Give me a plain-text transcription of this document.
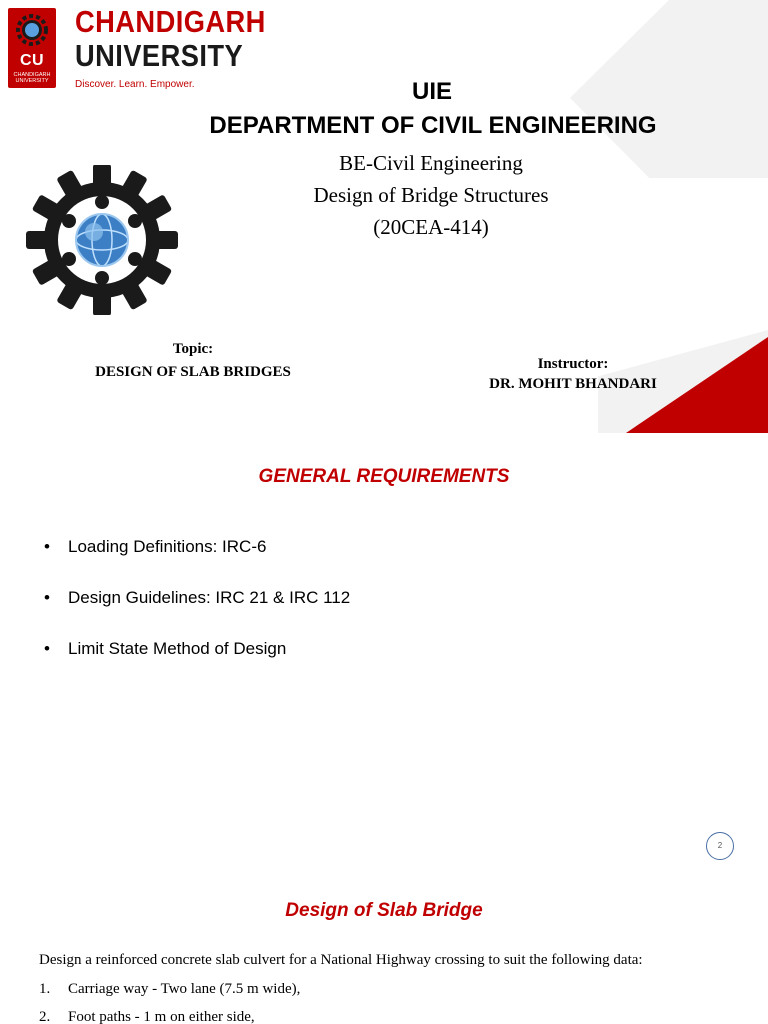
CU
CHANDIGARH UNIVERSITY
CHANDIGARH
UNIVERSITY
Discover. Learn. Empower.	UIE
DEPARTMENT OF CIVIL ENGINEERING
BE-Civil Engineering
Design of Bridge Structures
(20CEA-414)
Topic:
DESIGN OF SLAB BRIDGES	Instructor:
DR. MOHIT BHANDARI
GENERAL REQUIREMENTS
• Loading Definitions: IRC-6
• Design Guidelines: IRC 21 & IRC 112
• Limit State Method of Design
2
Design of Slab Bridge
Design a reinforced concrete slab culvert for a National Highway crossing to suit the following data:
1. Carriage way - Two lane (7.5 m wide),
2. Foot paths - 1 m on either side,
